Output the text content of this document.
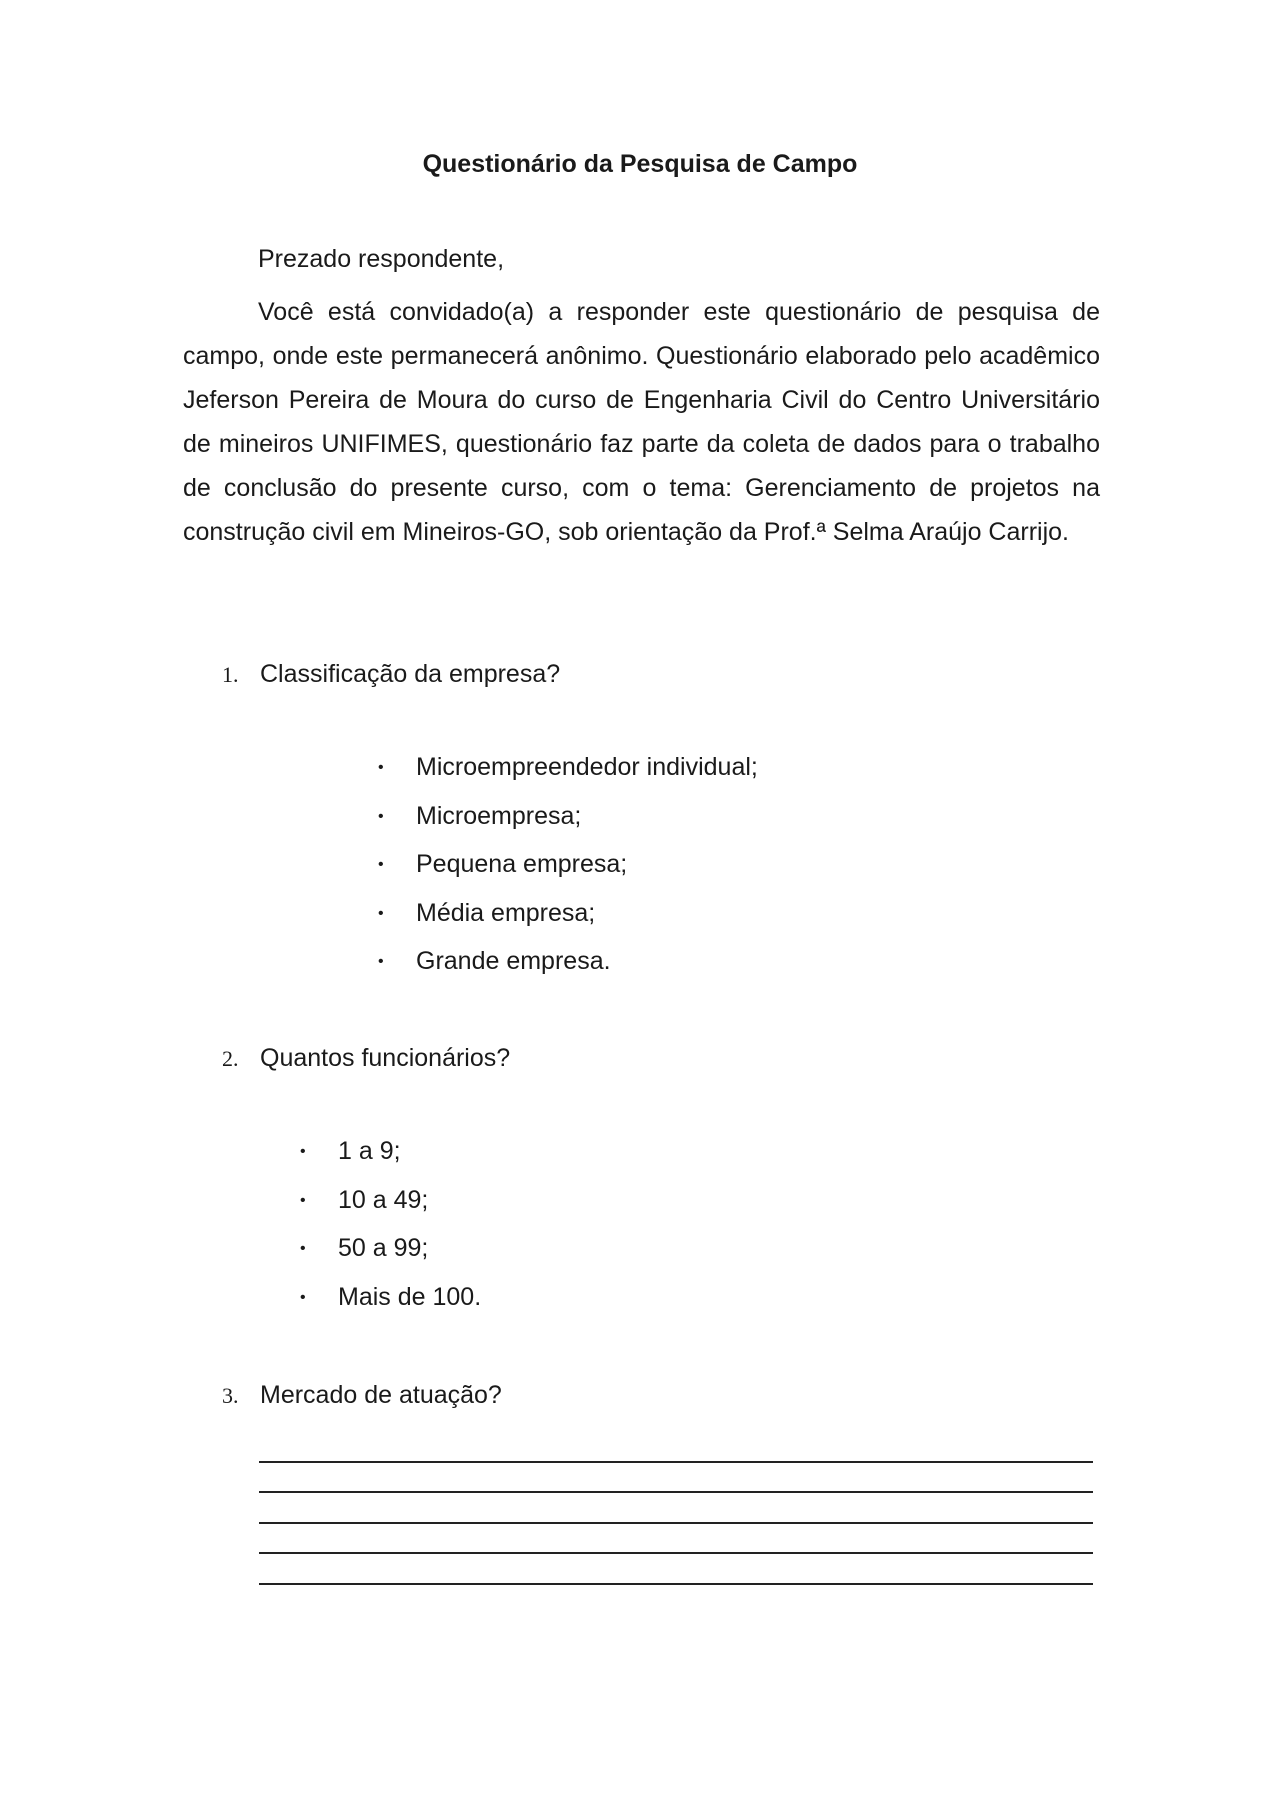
Questionário da Pesquisa de Campo

Prezado respondente,

Você está convidado(a) a responder este questionário de pesquisa de campo, onde este permanecerá anônimo. Questionário elaborado pelo acadêmico Jeferson Pereira de Moura do curso de Engenharia Civil do Centro Universitário de mineiros UNIFIMES, questionário faz parte da coleta de dados para o trabalho de conclusão do presente curso, com o tema: Gerenciamento de projetos na construção civil em Mineiros-GO, sob orientação da Prof.ª Selma Araújo Carrijo.

1. Classificação da empresa?
• Microempreendedor individual;
• Microempresa;
• Pequena empresa;
• Média empresa;
• Grande empresa.
2. Quantos funcionários?
• 1 a 9;
• 10 a 49;
• 50 a 99;
• Mais de 100.
3. Mercado de atuação?
